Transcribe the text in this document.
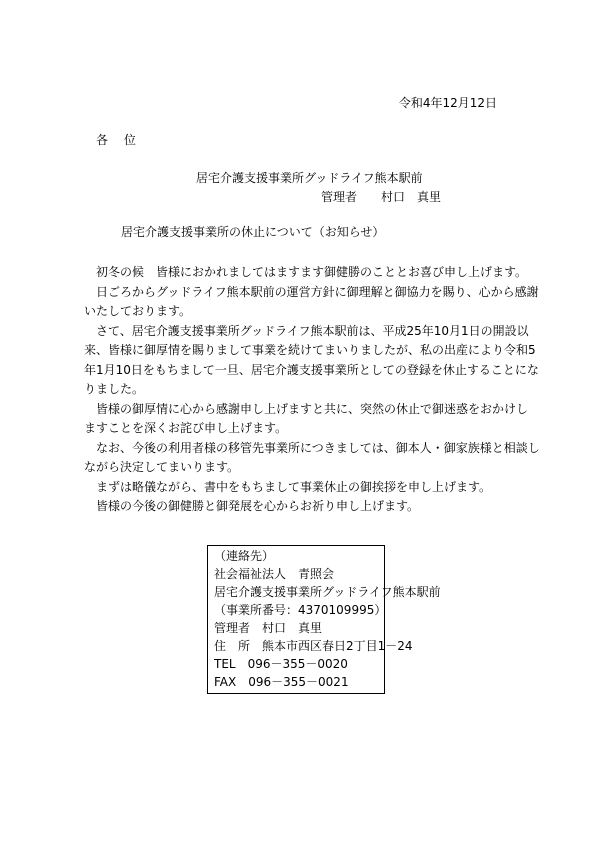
令和4年12月12日
各 位
居宅介護支援事業所グッドライフ熊本駅前
管理者　　村口　真里
居宅介護支援事業所の休止について（お知らせ）
　初冬の候　皆様におかれましてはますます御健勝のこととお喜び申し上げます。
　日ごろからグッドライフ熊本駅前の運営方針に御理解と御協力を賜り、心から感謝
いたしております。
　さて、居宅介護支援事業所グッドライフ熊本駅前は、平成25年10月1日の開設以
来、皆様に御厚情を賜りまして事業を続けてまいりましたが、私の出産により令和5
年1月10日をもちまして一旦、居宅介護支援事業所としての登録を休止することにな
りました。
　皆様の御厚情に心から感謝申し上げますと共に、突然の休止で御迷惑をおかけし
ますことを深くお詫び申し上げます。
　なお、今後の利用者様の移管先事業所につきましては、御本人・御家族様と相談し
ながら決定してまいります。
　まずは略儀ながら、書中をもちまして事業休止の御挨拶を申し上げます。
　皆様の今後の御健勝と御発展を心からお祈り申し上げます。
（連絡先）
社会福祉法人　青照会
居宅介護支援事業所グッドライフ熊本駅前
（事業所番号：4370109995）
管理者　村口　真里
住　所　熊本市西区春日2丁目1－24
TEL　096－355－0020
FAX　096－355－0021
